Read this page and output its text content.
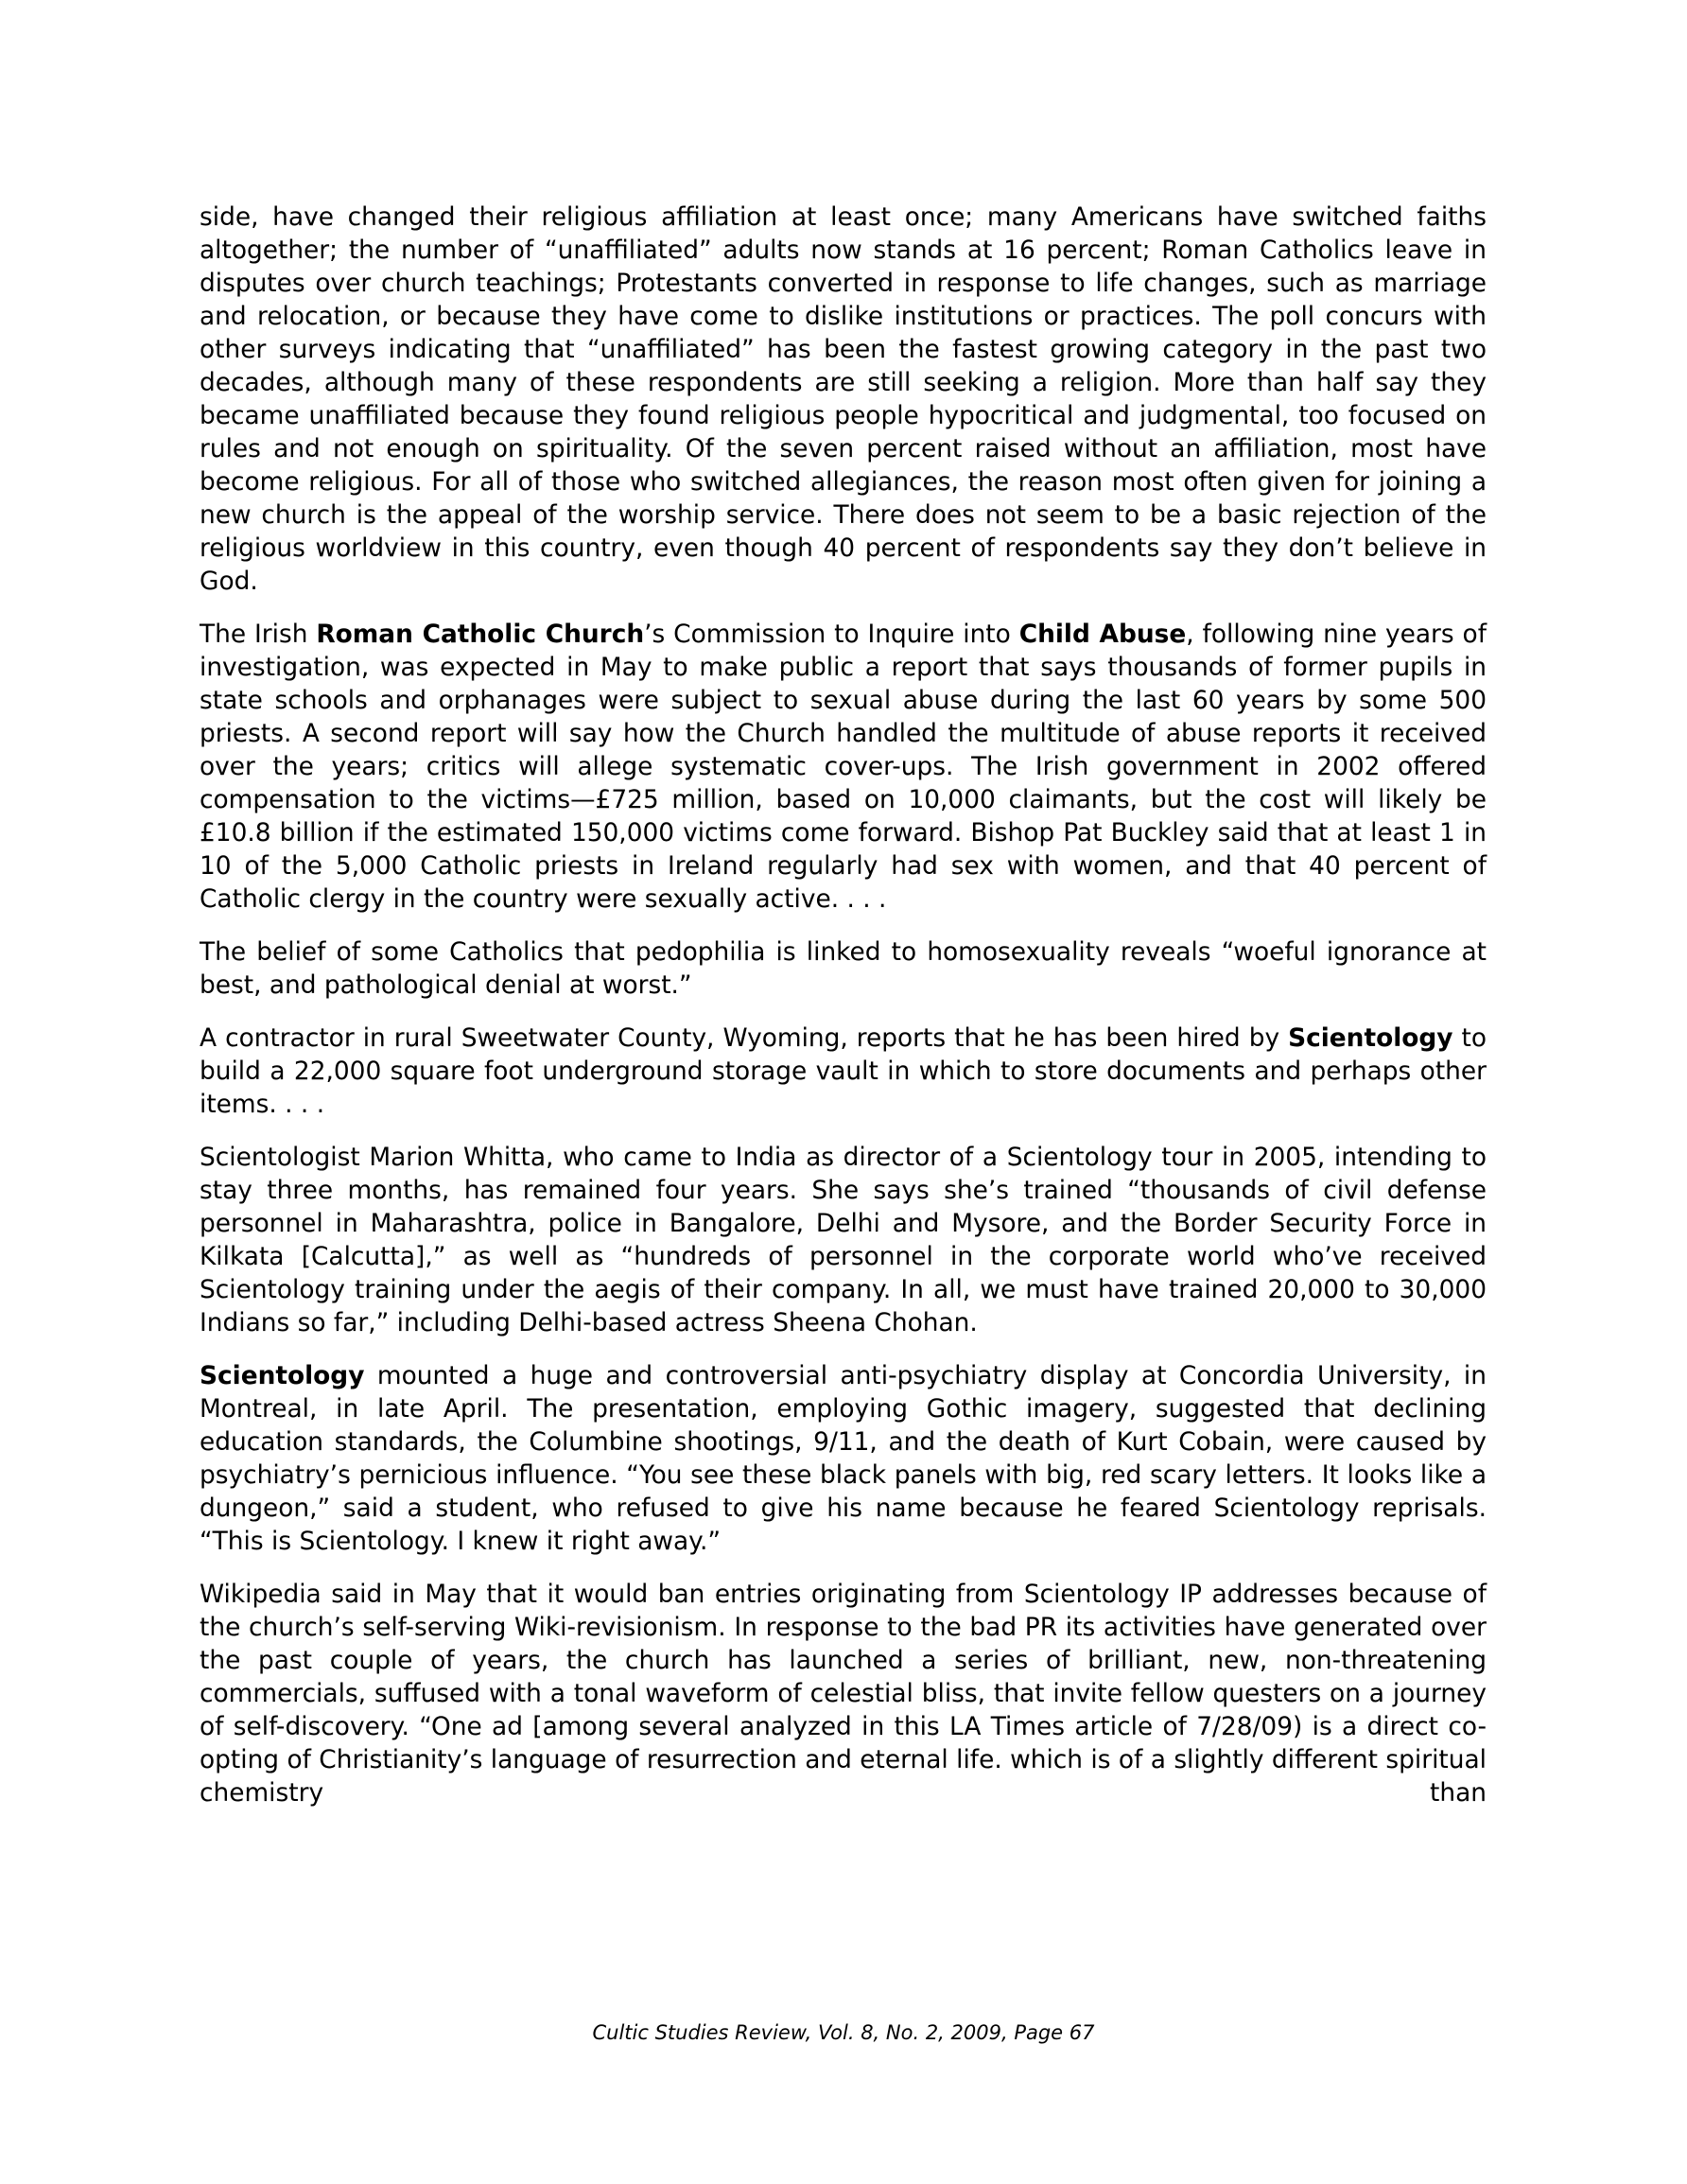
side, have changed their religious affiliation at least once; many Americans have switched faiths altogether; the number of “unaffiliated” adults now stands at 16 percent; Roman Catholics leave in disputes over church teachings; Protestants converted in response to life changes, such as marriage and relocation, or because they have come to dislike institutions or practices. The poll concurs with other surveys indicating that “unaffiliated” has been the fastest growing category in the past two decades, although many of these respondents are still seeking a religion. More than half say they became unaffiliated because they found religious people hypocritical and judgmental, too focused on rules and not enough on spirituality. Of the seven percent raised without an affiliation, most have become religious. For all of those who switched allegiances, the reason most often given for joining a new church is the appeal of the worship service. There does not seem to be a basic rejection of the religious worldview in this country, even though 40 percent of respondents say they don’t believe in God.

The Irish Roman Catholic Church’s Commission to Inquire into Child Abuse, following nine years of investigation, was expected in May to make public a report that says thousands of former pupils in state schools and orphanages were subject to sexual abuse during the last 60 years by some 500 priests. A second report will say how the Church handled the multitude of abuse reports it received over the years; critics will allege systematic cover-ups. The Irish government in 2002 offered compensation to the victims—£725 million, based on 10,000 claimants, but the cost will likely be £10.8 billion if the estimated 150,000 victims come forward. Bishop Pat Buckley said that at least 1 in 10 of the 5,000 Catholic priests in Ireland regularly had sex with women, and that 40 percent of Catholic clergy in the country were sexually active. . . .

The belief of some Catholics that pedophilia is linked to homosexuality reveals “woeful ignorance at best, and pathological denial at worst.”

A contractor in rural Sweetwater County, Wyoming, reports that he has been hired by Scientology to build a 22,000 square foot underground storage vault in which to store documents and perhaps other items. . . .

Scientologist Marion Whitta, who came to India as director of a Scientology tour in 2005, intending to stay three months, has remained four years. She says she’s trained “thousands of civil defense personnel in Maharashtra, police in Bangalore, Delhi and Mysore, and the Border Security Force in Kilkata [Calcutta],” as well as “hundreds of personnel in the corporate world who’ve received Scientology training under the aegis of their company. In all, we must have trained 20,000 to 30,000 Indians so far,” including Delhi-based actress Sheena Chohan.

Scientology mounted a huge and controversial anti-psychiatry display at Concordia University, in Montreal, in late April. The presentation, employing Gothic imagery, suggested that declining education standards, the Columbine shootings, 9/11, and the death of Kurt Cobain, were caused by psychiatry’s pernicious influence. “You see these black panels with big, red scary letters. It looks like a dungeon,” said a student, who refused to give his name because he feared Scientology reprisals. “This is Scientology. I knew it right away.”

Wikipedia said in May that it would ban entries originating from Scientology IP addresses because of the church’s self-serving Wiki-revisionism. In response to the bad PR its activities have generated over the past couple of years, the church has launched a series of brilliant, new, non-threatening commercials, suffused with a tonal waveform of celestial bliss, that invite fellow questers on a journey of self-discovery. “One ad [among several analyzed in this LA Times article of 7/28/09) is a direct co-opting of Christianity’s language of resurrection and eternal life. which is of a slightly different spiritual chemistry than

Cultic Studies Review, Vol. 8, No. 2, 2009, Page 67
